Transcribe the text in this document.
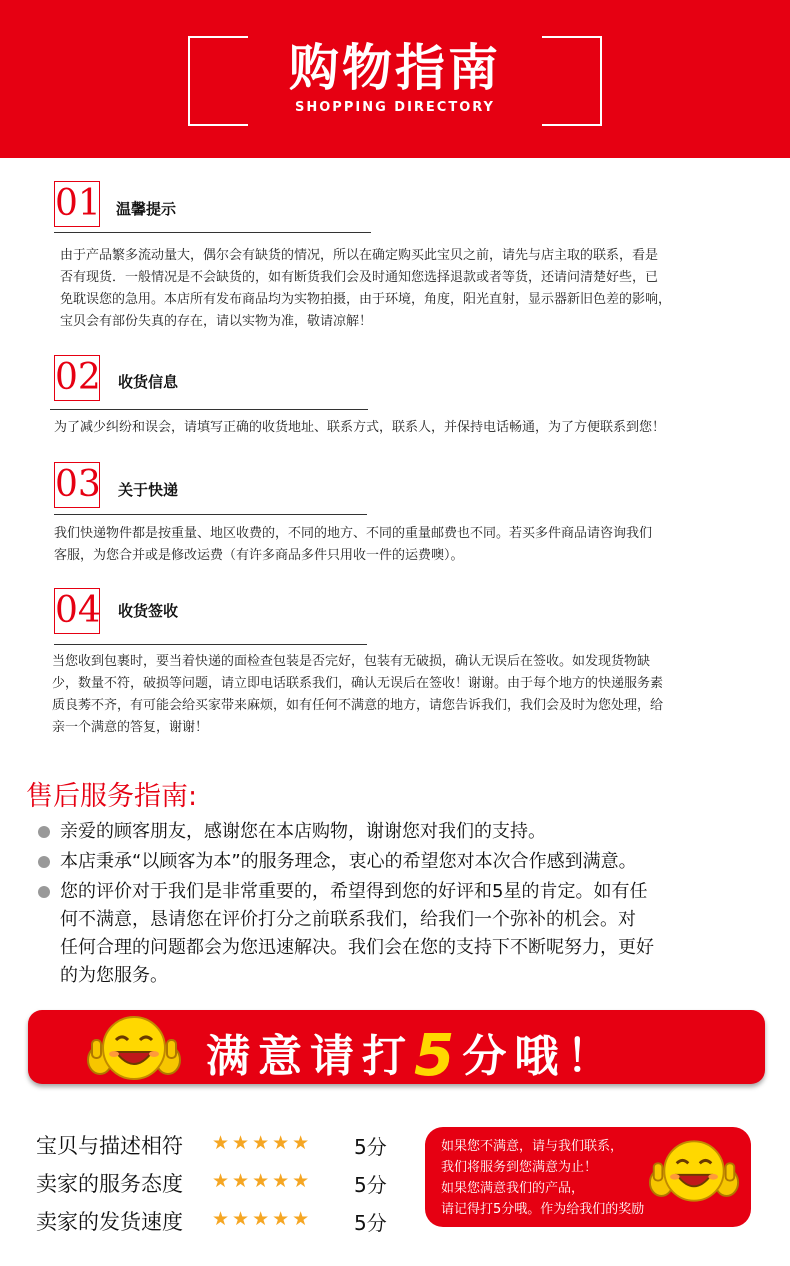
购物指南
SHOPPING DIRECTORY
01 温馨提示
由于产品繁多流动量大，偶尔会有缺货的情况，所以在确定购买此宝贝之前，请先与店主取的联系，看是
否有现货．一般情况是不会缺货的，如有断货我们会及时通知您选择退款或者等货，还请问清楚好些，已
免耽误您的急用。本店所有发布商品均为实物拍摄，由于环境，角度，阳光直射，显示器新旧色差的影响，
宝贝会有部份失真的存在，请以实物为准，敬请凉解！
02 收货信息
为了减少纠纷和误会，请填写正确的收货地址、联系方式，联系人，并保持电话畅通，为了方便联系到您！
03 关于快递
我们快递物件都是按重量、地区收费的，不同的地方、不同的重量邮费也不同。若买多件商品请咨询我们
客服，为您合并或是修改运费（有许多商品多件只用收一件的运费噢）。
04 收货签收
当您收到包裹时，要当着快递的面检查包装是否完好，包装有无破损，确认无误后在签收。如发现货物缺
少，数量不符，破损等问题，请立即电话联系我们，确认无误后在签收！谢谢。由于每个地方的快递服务素
质良莠不齐，有可能会给买家带来麻烦，如有任何不满意的地方，请您告诉我们，我们会及时为您处理，给
亲一个满意的答复，谢谢！
售后服务指南:
亲爱的顾客朋友，感谢您在本店购物，谢谢您对我们的支持。
本店秉承“以顾客为本”的服务理念，衷心的希望您对本次合作感到满意。
您的评价对于我们是非常重要的，希望得到您的好评和5星的肯定。如有任
何不满意，恳请您在评价打分之前联系我们，给我们一个弥补的机会。对
任何合理的问题都会为您迅速解决。我们会在您的支持下不断呢努力，更好
的为您服务。
满意请打5分哦！
宝贝与描述相符 ★★★★★ 5分
卖家的服务态度 ★★★★★ 5分
卖家的发货速度 ★★★★★ 5分
如果您不满意，请与我们联系，
我们将服务到您满意为止！
如果您满意我们的产品，
请记得打5分哦。作为给我们的奖励
